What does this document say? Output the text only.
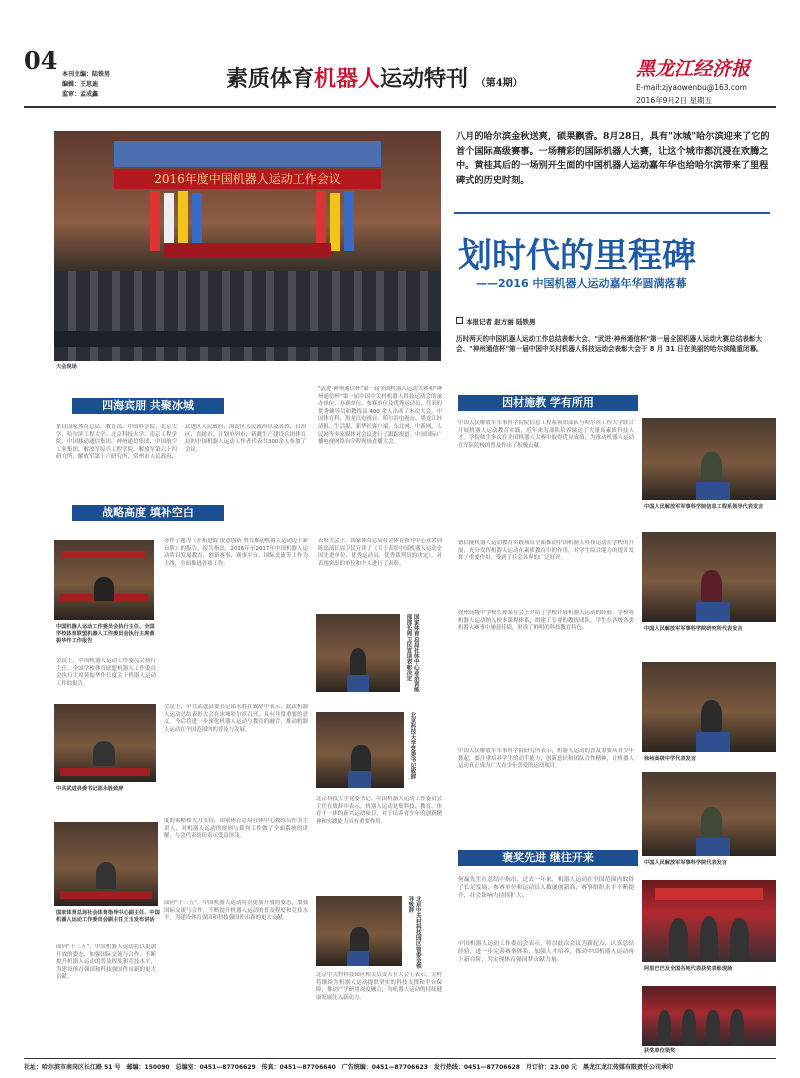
04 本刊主编：陆铁男
编辑：王思迪
监审：孟成鑫
素质体育机器人运动特刊 （第4期）
黑龙江经济报
E-mail:zjyaowenbu@163.com
2016年9月2日 星期五
2016年度中国机器人运动工作会议
大会现场
八月的哈尔滨金秋送爽，硕果飘香。8月28日，具有"冰城"哈尔滨迎来了它的首个国际高级赛事。一场精彩的国际机器人大赛，让这个城市都沉浸在欢腾之中。黄桂其后的一场别开生面的中国机器人运动嘉年华也给哈尔滨带来了里程碑式的历史时刻。
划时代的里程碑
——2016 中国机器人运动嘉年华圆满落幕
本报记者 赵方丽 陆铁男
历时两天的中国机器人运动工作总结表彰大会、"武进·神州通信杯"第一届全国机器人运动大赛总结表彰大会、"神州通信杯"第一届中国中关村机器人科技运动会表彰大会于 8 月 31 日在美丽的哈尔滨隆重闭幕。
四海宾朋 共聚冰城
战略高度 填补空白
因材施教 学有所用
褒奖先进 继往开来
来自国家体育总局、教育部、中国科学院、北京大学、哈尔滨工程大学、北京科技大学、南京工程学院、中国移动通信集团、神州通信集团、中国航空工业集团、解放军原兵工程学院、解放军第六十四研究所、解放军第十六研究所、常州市人民政府、武进区人民政府、海淀区人民政府以及各省、自治区、直辖市、计划单列市、新疆生产建设兵团体育局的中国机器人运动工作者代表共300余人参加了会议。
"武进·神州通信杯"第一届全国机器人运动大赛和"神州通信杯"第一届中国中关村机器人科技运动会的承办单位、办赛单位、参赛单位及优秀运动员、代表的优秀辅导员和教练员 400 余人出席了本次大会。中国体育科、黑龙江电视台、哈尔滨电视台、黑龙江经济报、生活报、新华社客户端、东北网、中新网、人民网等多家媒体对会议进行了跟踪报道。中国国际广播电视网络台全程现场直播大会。
中国机器人运动工作委员会执行主任、全国学校体育联盟机器人工作委员会执行主席黄振华作工作报告
会议上，中国机器人运动工作委员会执行主任、全国学校体育联盟机器人工作委员会执行主席黄振华作长度关于机器人运动工作的报告。
亦作了题为《开拓进取 锐意创新 努力推动机器人运动迈上新台阶》的报告。报告指出，2016年至2017年中国机器人运动将以发展教育、创新赛事、赛事平台、国际交流等工作为主线，全面推进各项工作。
表彰大会上，国家体育总局社会体育指导中心业余训练部部长周卫民宣读了《关于表彰中国机器人运动全国先进单位、优秀运动员、优秀裁判员的决定》，对表现突出的单位和个人进行了表彰。
国家体育总局社体中心业余训练部部长周卫民宣读表彰决定
中共武进县委书记邵永胜致辞
会议上，中共武进县委书记邵永胜在致辞中表示，此次机器人运动总结表彰大会在冰城哈尔滨召开，具有非常重要的意义。今后将进一步深化机器人运动与教育的融合，推动机器人运动在全国范围内的普及与发展。	北京科技大学党委书记致辞
北京科技大学党委书记、中国机器人运动工作委员会主任在致辞中表示，机器人运动是集科技、教育、体育于一体的新兴运动项目，对于培养青少年的创新精神和实践能力具有重要作用。
国家体育总局社会体育指导中心副主任、中国机器人运动工作委员会副主任王玉发布讲话
度的策略和大力支持，国家体育总局社体中心教练员作为主讲人，对机器人运动的规则与裁判工作做了全面系统的讲解，与会代表纷纷表示受益匪浅。
面向"十三五"，中国机器人运动将以更加开放的姿态，加强国际交流与合作，不断提升机器人运动的普及程度和竞技水平，为建设体育强国和科技强国作出新的更大贡献。
面向"十三五"，中国机器人运动将以更加开放的姿态，加强国际交流与合作，不断提升机器人运动的普及程度和竞技水平，为建设体育强国和科技强国作出新的更大贡献。	北京中关村科技园区管委会领导致辞
北京中关村科技园区相关负责人在大会上表示，关村将继续为机器人运动提供坚实的科技支撑和平台保障，推动产学研用深度融合，为机器人运动的持续健康发展注入新动力。
中国人民解放军军事科学院院信息工程系领团部队与哈尔滨工程大学联合开展机器人运动教育实践，近年来为部队培养输送了大量高素质科技人才。学院师生多次在全国机器人大赛中取得优异成绩，为推动机器人运动在军队院校的普及作出了积极贡献。
中国人民解放军军事科学院信息工程系领导代表发言
德信能机器人运动教育实践项目全面推动中国机器人科技运动在学校的开展，充分发挥机器人运动在素质教育中的作用，对学生综合能力的提升发挥了重要作用，受到了社会各界的广泛好评。
中国人民解放军军事科学院研究所代表发言
徐州高级中学校长孙某在会上介绍了学校开展机器人运动的经验。学校将机器人运动纳入校本课程体系，组建了专业的教练团队，学生在各级各类机器人赛事中屡获佳绩，形成了鲜明的科技教育特色。
徐州高级中学代表发言
中国人民解放军军事科学院研究所表示，机器人运动的普及需要从青少年抓起，要注重培养学生的动手能力、创新意识和团队合作精神，让机器人运动真正成为广大青少年喜爱的运动项目。
中国人民解放军军事科学院代表发言
何赢先生在总结中指出，过去一年来，机器人运动在全国范围内取得了长足发展，参赛单位和运动员人数屡创新高，赛事组织水平不断提升，社会影响力持续扩大。
中国机器人运动工作委员会表示，将以此次会议为新起点，认真总结经验，进一步完善赛事体系，加强人才培养，推动中国机器人运动再上新台阶，为实现体育强国梦贡献力量。
阿里巴巴及全国各地代表获奖表彰现场
获奖单位领奖
社址：哈尔滨市南岗区长江路 51 号　邮编：150090　总编室：0451—87706629　传真：0451—87706640　广告统编：0451—87706623　发行热线：0451—87706628　月订价：23.00 元　黑龙江龙江传媒有限责任公司承印
